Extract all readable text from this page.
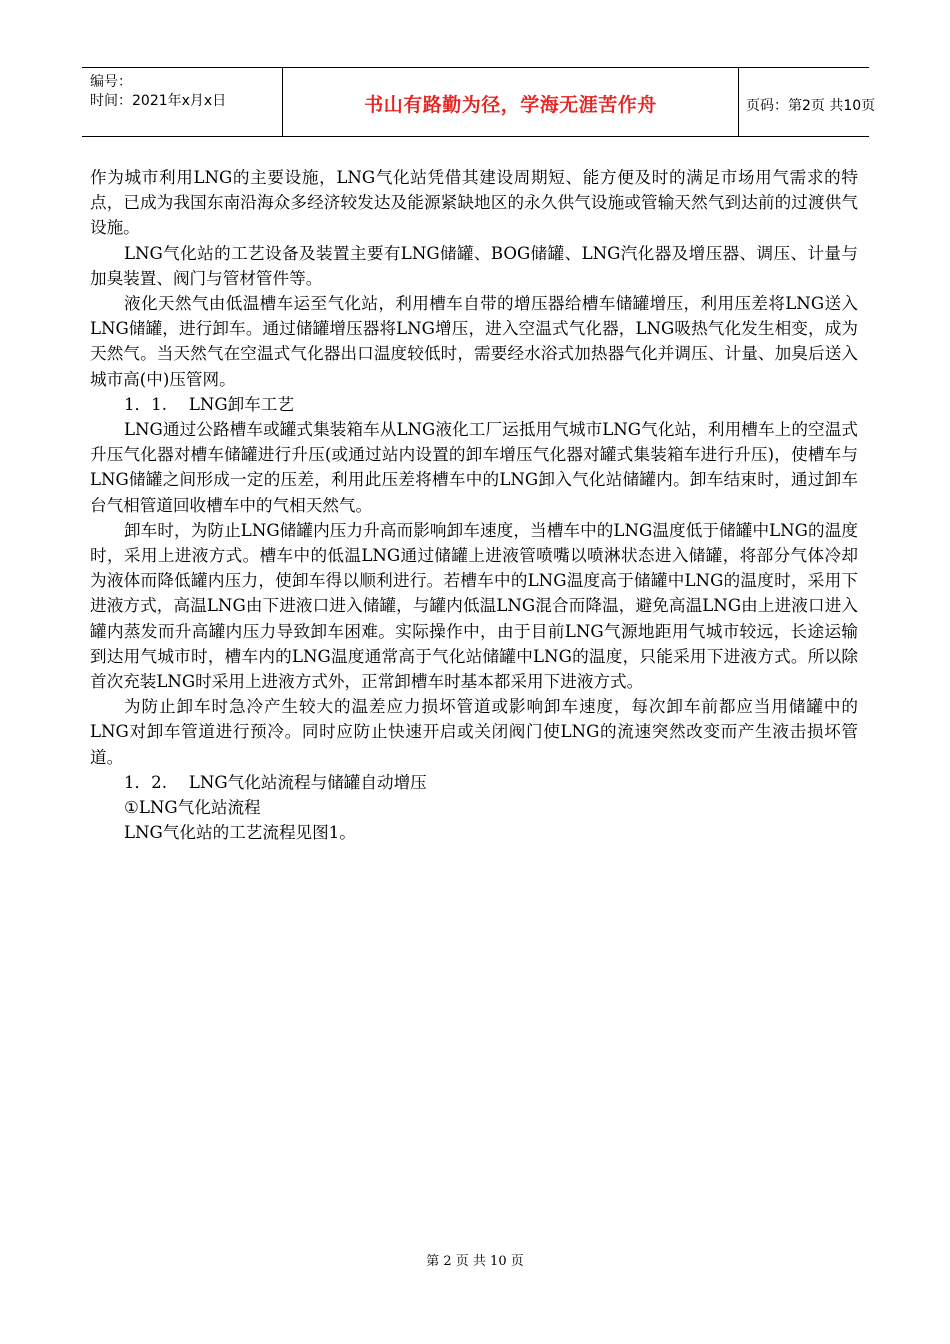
编号：
时间：2021年x月x日	书山有路勤为径，学海无涯苦作舟	页码：第2页 共10页

作为城市利用LNG的主要设施，LNG气化站凭借其建设周期短、能方便及时的满足市场用气需求的特点，已成为我国东南沿海众多经济较发达及能源紧缺地区的永久供气设施或管输天然气到达前的过渡供气设施。

LNG气化站的工艺设备及装置主要有LNG储罐、BOG储罐、LNG汽化器及增压器、调压、计量与加臭装置、阀门与管材管件等。

液化天然气由低温槽车运至气化站，利用槽车自带的增压器给槽车储罐增压，利用压差将LNG送入LNG储罐，进行卸车。通过储罐增压器将LNG增压，进入空温式气化器，LNG吸热气化发生相变，成为天然气。当天然气在空温式气化器出口温度较低时，需要经水浴式加热器气化并调压、计量、加臭后送入城市高(中)压管网。

1．1.　 LNG卸车工艺

LNG通过公路槽车或罐式集装箱车从LNG液化工厂运抵用气城市LNG气化站，利用槽车上的空温式升压气化器对槽车储罐进行升压(或通过站内设置的卸车增压气化器对罐式集装箱车进行升压)，使槽车与LNG储罐之间形成一定的压差，利用此压差将槽车中的LNG卸入气化站储罐内。卸车结束时，通过卸车台气相管道回收槽车中的气相天然气。

卸车时，为防止LNG储罐内压力升高而影响卸车速度，当槽车中的LNG温度低于储罐中LNG的温度时，采用上进液方式。槽车中的低温LNG通过储罐上进液管喷嘴以喷淋状态进入储罐，将部分气体冷却为液体而降低罐内压力，使卸车得以顺利进行。若槽车中的LNG温度高于储罐中LNG的温度时，采用下进液方式，高温LNG由下进液口进入储罐，与罐内低温LNG混合而降温，避免高温LNG由上进液口进入罐内蒸发而升高罐内压力导致卸车困难。实际操作中，由于目前LNG气源地距用气城市较远，长途运输到达用气城市时，槽车内的LNG温度通常高于气化站储罐中LNG的温度，只能采用下进液方式。所以除首次充装LNG时采用上进液方式外，正常卸槽车时基本都采用下进液方式。

为防止卸车时急冷产生较大的温差应力损坏管道或影响卸车速度，每次卸车前都应当用储罐中的LNG对卸车管道进行预冷。同时应防止快速开启或关闭阀门使LNG的流速突然改变而产生液击损坏管道。

1．2.　 LNG气化站流程与储罐自动增压

①LNG气化站流程

LNG气化站的工艺流程见图1。

第 2 页 共 10 页
